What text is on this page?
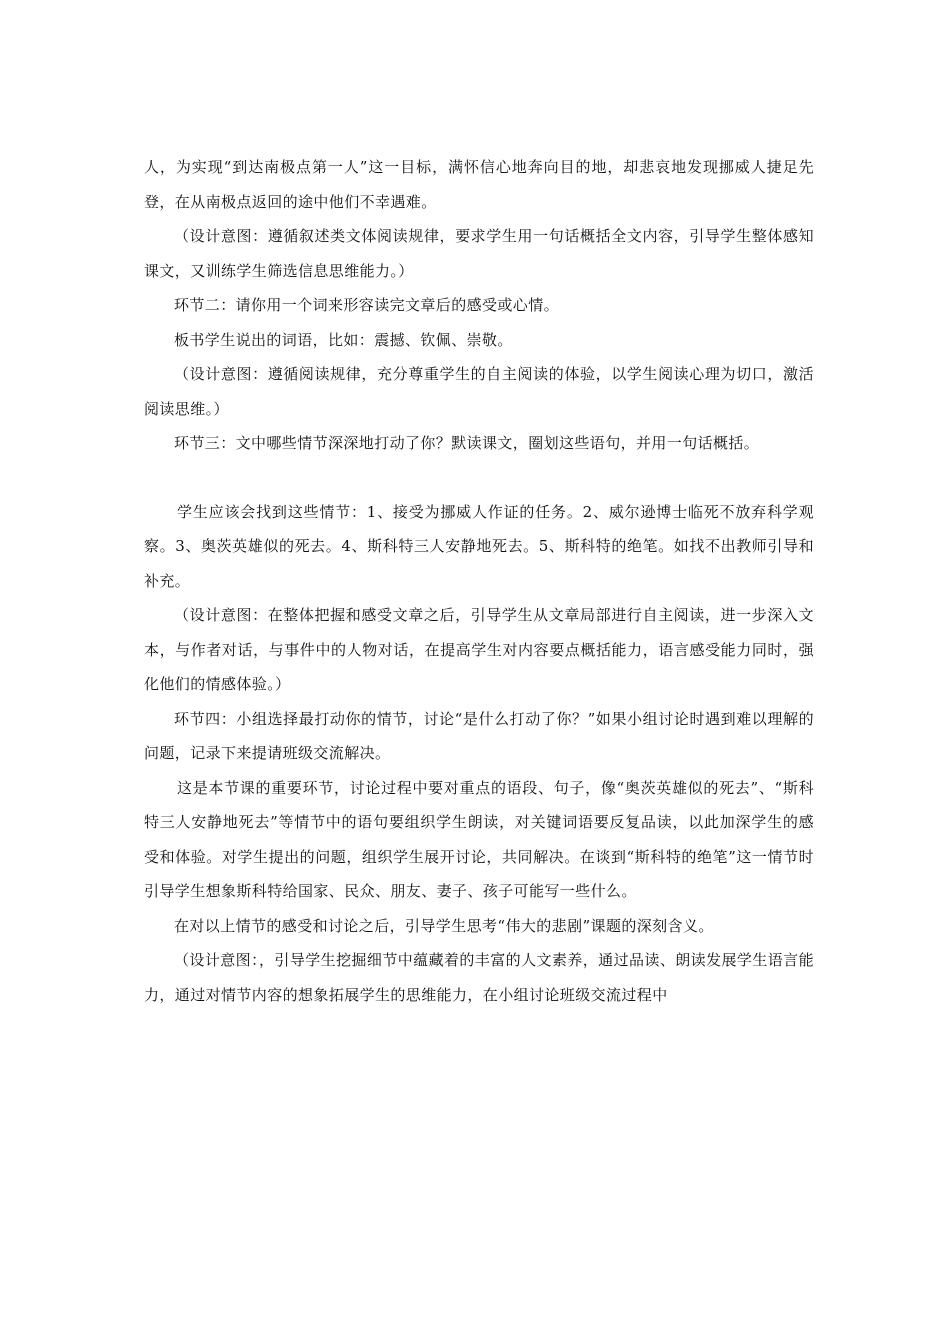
人，为实现“到达南极点第一人”这一目标，满怀信心地奔向目的地，却悲哀地发现挪威人捷足先登，在从南极点返回的途中他们不幸遇难。

（设计意图：遵循叙述类文体阅读规律，要求学生用一句话概括全文内容，引导学生整体感知课文，又训练学生筛选信息思维能力。）

环节二：请你用一个词来形容读完文章后的感受或心情。

板书学生说出的词语，比如：震撼、钦佩、崇敬。

（设计意图：遵循阅读规律，充分尊重学生的自主阅读的体验，以学生阅读心理为切口，激活阅读思维。）

环节三：文中哪些情节深深地打动了你？默读课文，圈划这些语句，并用一句话概括。

学生应该会找到这些情节：1、接受为挪威人作证的任务。2、威尔逊博士临死不放弃科学观察。3、奥茨英雄似的死去。4、斯科特三人安静地死去。5、斯科特的绝笔。如找不出教师引导和补充。

（设计意图：在整体把握和感受文章之后，引导学生从文章局部进行自主阅读，进一步深入文本，与作者对话，与事件中的人物对话，在提高学生对内容要点概括能力，语言感受能力同时，强化他们的情感体验。）

环节四：小组选择最打动你的情节，讨论“是什么打动了你？”如果小组讨论时遇到难以理解的问题，记录下来提请班级交流解决。

这是本节课的重要环节，讨论过程中要对重点的语段、句子，像“奥茨英雄似的死去”、“斯科特三人安静地死去”等情节中的语句要组织学生朗读，对关键词语要反复品读，以此加深学生的感受和体验。对学生提出的问题，组织学生展开讨论，共同解决。在谈到“斯科特的绝笔”这一情节时引导学生想象斯科特给国家、民众、朋友、妻子、孩子可能写一些什么。

在对以上情节的感受和讨论之后，引导学生思考“伟大的悲剧”课题的深刻含义。

（设计意图：，引导学生挖掘细节中蕴藏着的丰富的人文素养，通过品读、朗读发展学生语言能力，通过对情节内容的想象拓展学生的思维能力，在小组讨论班级交流过程中
